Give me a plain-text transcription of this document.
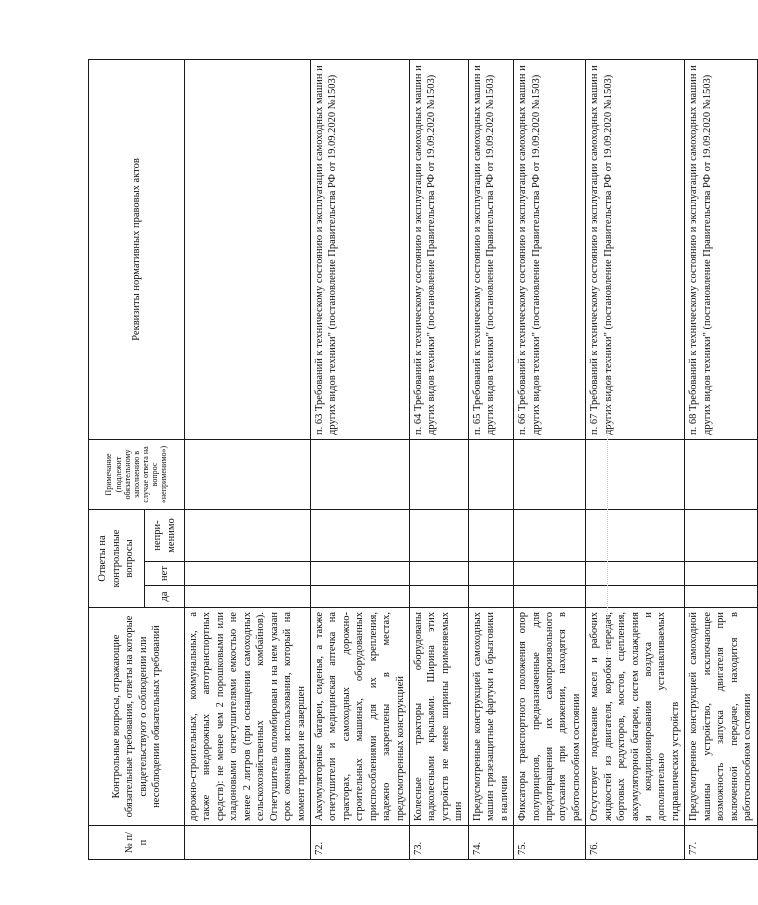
№ п/п	Контрольные вопросы, отражающие обязательные требования, ответы на которые свидетельствуют о соблюдении или несоблюдении обязательных требований	Ответы на контрольные вопросы			Примечание (подлежит обязательному заполнению в случае ответа на вопрос «неприменимо»)	Реквизиты нормативных правовых актов
		да	нет	непри-менимо		
	дорожно-строительных, коммунальных, а также внедорожных автотранспортных средств): не менее чем 2 порошковыми или хладоновыми огнетушителями емкостью не менее 2 литров (при оснащении самоходных сельскохозяйственных комбайнов). Огнетушитель опломбирован и на нем указан срок окончания использования, который на момент проверки не завершен					
72.	Аккумуляторные батареи, сиденья, а также огнетушители и медицинская аптечка на тракторах, самоходных дорожно-строительных машинах, оборудованных приспособлениями для их крепления, надежно закреплены в местах, предусмотренных конструкцией					п. 63 Требований к техническому состоянию и эксплуатации самоходных машин и других видов техники" (постановление Правительства РФ от 19.09.2020 №1503)
73.	Колесные тракторы оборудованы надколесными крыльями. Ширина этих устройств не менее ширины применяемых шин					п. 64 Требований к техническому состоянию и эксплуатации самоходных машин и других видов техники" (постановление Правительства РФ от 19.09.2020 №1503)
74.	Предусмотренные конструкцией самоходных машин грязезащитные фартуки и брызговики в наличии					п. 65 Требований к техническому состоянию и эксплуатации самоходных машин и других видов техники" (постановление Правительства РФ от 19.09.2020 №1503)
75.	Фиксаторы транспортного положения опор полуприцепов, предназначенные для предотвращения их самопроизвольного опускания при движении, находятся в работоспособном состоянии					п. 66 Требований к техническому состоянию и эксплуатации самоходных машин и других видов техники" (постановление Правительства РФ от 19.09.2020 №1503)
76.	Отсутствует подтекание масел и рабочих жидкостей из двигателя, коробки передач, бортовых редукторов, мостов, сцепления, аккумуляторной батареи, систем охлаждения и кондиционирования воздуха и дополнительно устанавливаемых гидравлических устройств					п. 67 Требований к техническому состоянию и эксплуатации самоходных машин и других видов техники" (постановление Правительства РФ от 19.09.2020 №1503)
77.	Предусмотренное конструкцией самоходной машины устройство, исключающее возможность запуска двигателя при включенной передаче, находится в работоспособном состоянии					п. 68 Требований к техническому состоянию и эксплуатации самоходных машин и других видов техники" (постановление Правительства РФ от 19.09.2020 №1503)
